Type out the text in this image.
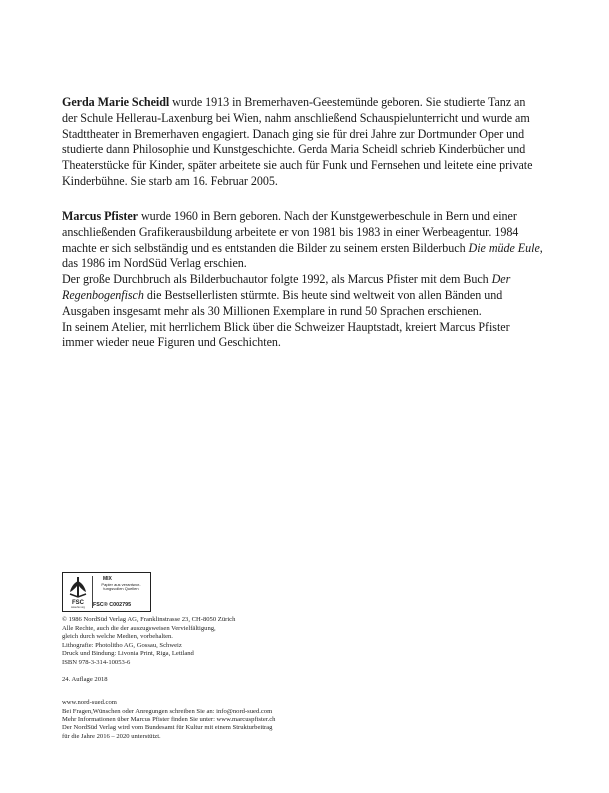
Gerda Marie Scheidl wurde 1913 in Bremerhaven-Geestemünde geboren. Sie studierte Tanz an
der Schule Hellerau-Laxenburg bei Wien, nahm anschließend Schauspielunterricht und wurde am
Stadttheater in Bremerhaven engagiert. Danach ging sie für drei Jahre zur Dortmunder Oper und
studierte dann Philosophie und Kunstgeschichte. Gerda Maria Scheidl schrieb Kinderbücher und
Theaterstücke für Kinder, später arbeitete sie auch für Funk und Fernsehen und leitete eine private
Kinderbühne. Sie starb am 16. Februar 2005.

Marcus Pfister wurde 1960 in Bern geboren. Nach der Kunstgewerbeschule in Bern und einer
anschließenden Grafikerausbildung arbeitete er von 1981 bis 1983 in einer Werbeagentur. 1984
machte er sich selbständig und es entstanden die Bilder zu seinem ersten Bilderbuch Die müde Eule,
das 1986 im NordSüd Verlag erschien.
Der große Durchbruch als Bilderbuchautor folgte 1992, als Marcus Pfister mit dem Buch Der
Regenbogenfisch die Bestsellerlisten stürmte. Bis heute sind weltweit von allen Bänden und
Ausgaben insgesamt mehr als 30 Millionen Exemplare in rund 50 Sprachen erschienen.
In seinem Atelier, mit herrlichem Blick über die Schweizer Hauptstadt, kreiert Marcus Pfister
immer wieder neue Figuren und Geschichten.

FSC
www.fsc.org
MIX
Papier aus verantwor- tungsvollen Quellen
FSC® C002795
© 1986 NordSüd Verlag AG, Franklinstrasse 23, CH-8050 Zürich
Alle Rechte, auch die der auszugsweisen Vervielfältigung,
gleich durch welche Medien, vorbehalten.
Lithografie: Photolitho AG, Gossau, Schweiz
Druck und Bindung: Livonia Print, Riga, Lettland
ISBN 978-3-314-10053-6
24. Auflage 2018
www.nord-sued.com
Bei Fragen,Wünschen oder Anregungen schreiben Sie an: info@nord-sued.com
Mehr Informationen über Marcus Pfister finden Sie unter: www.marcuspfister.ch
Der NordSüd Verlag wird vom Bundesamt für Kultur mit einem Strukturbeitrag
für die Jahre 2016 – 2020 unterstützt.
